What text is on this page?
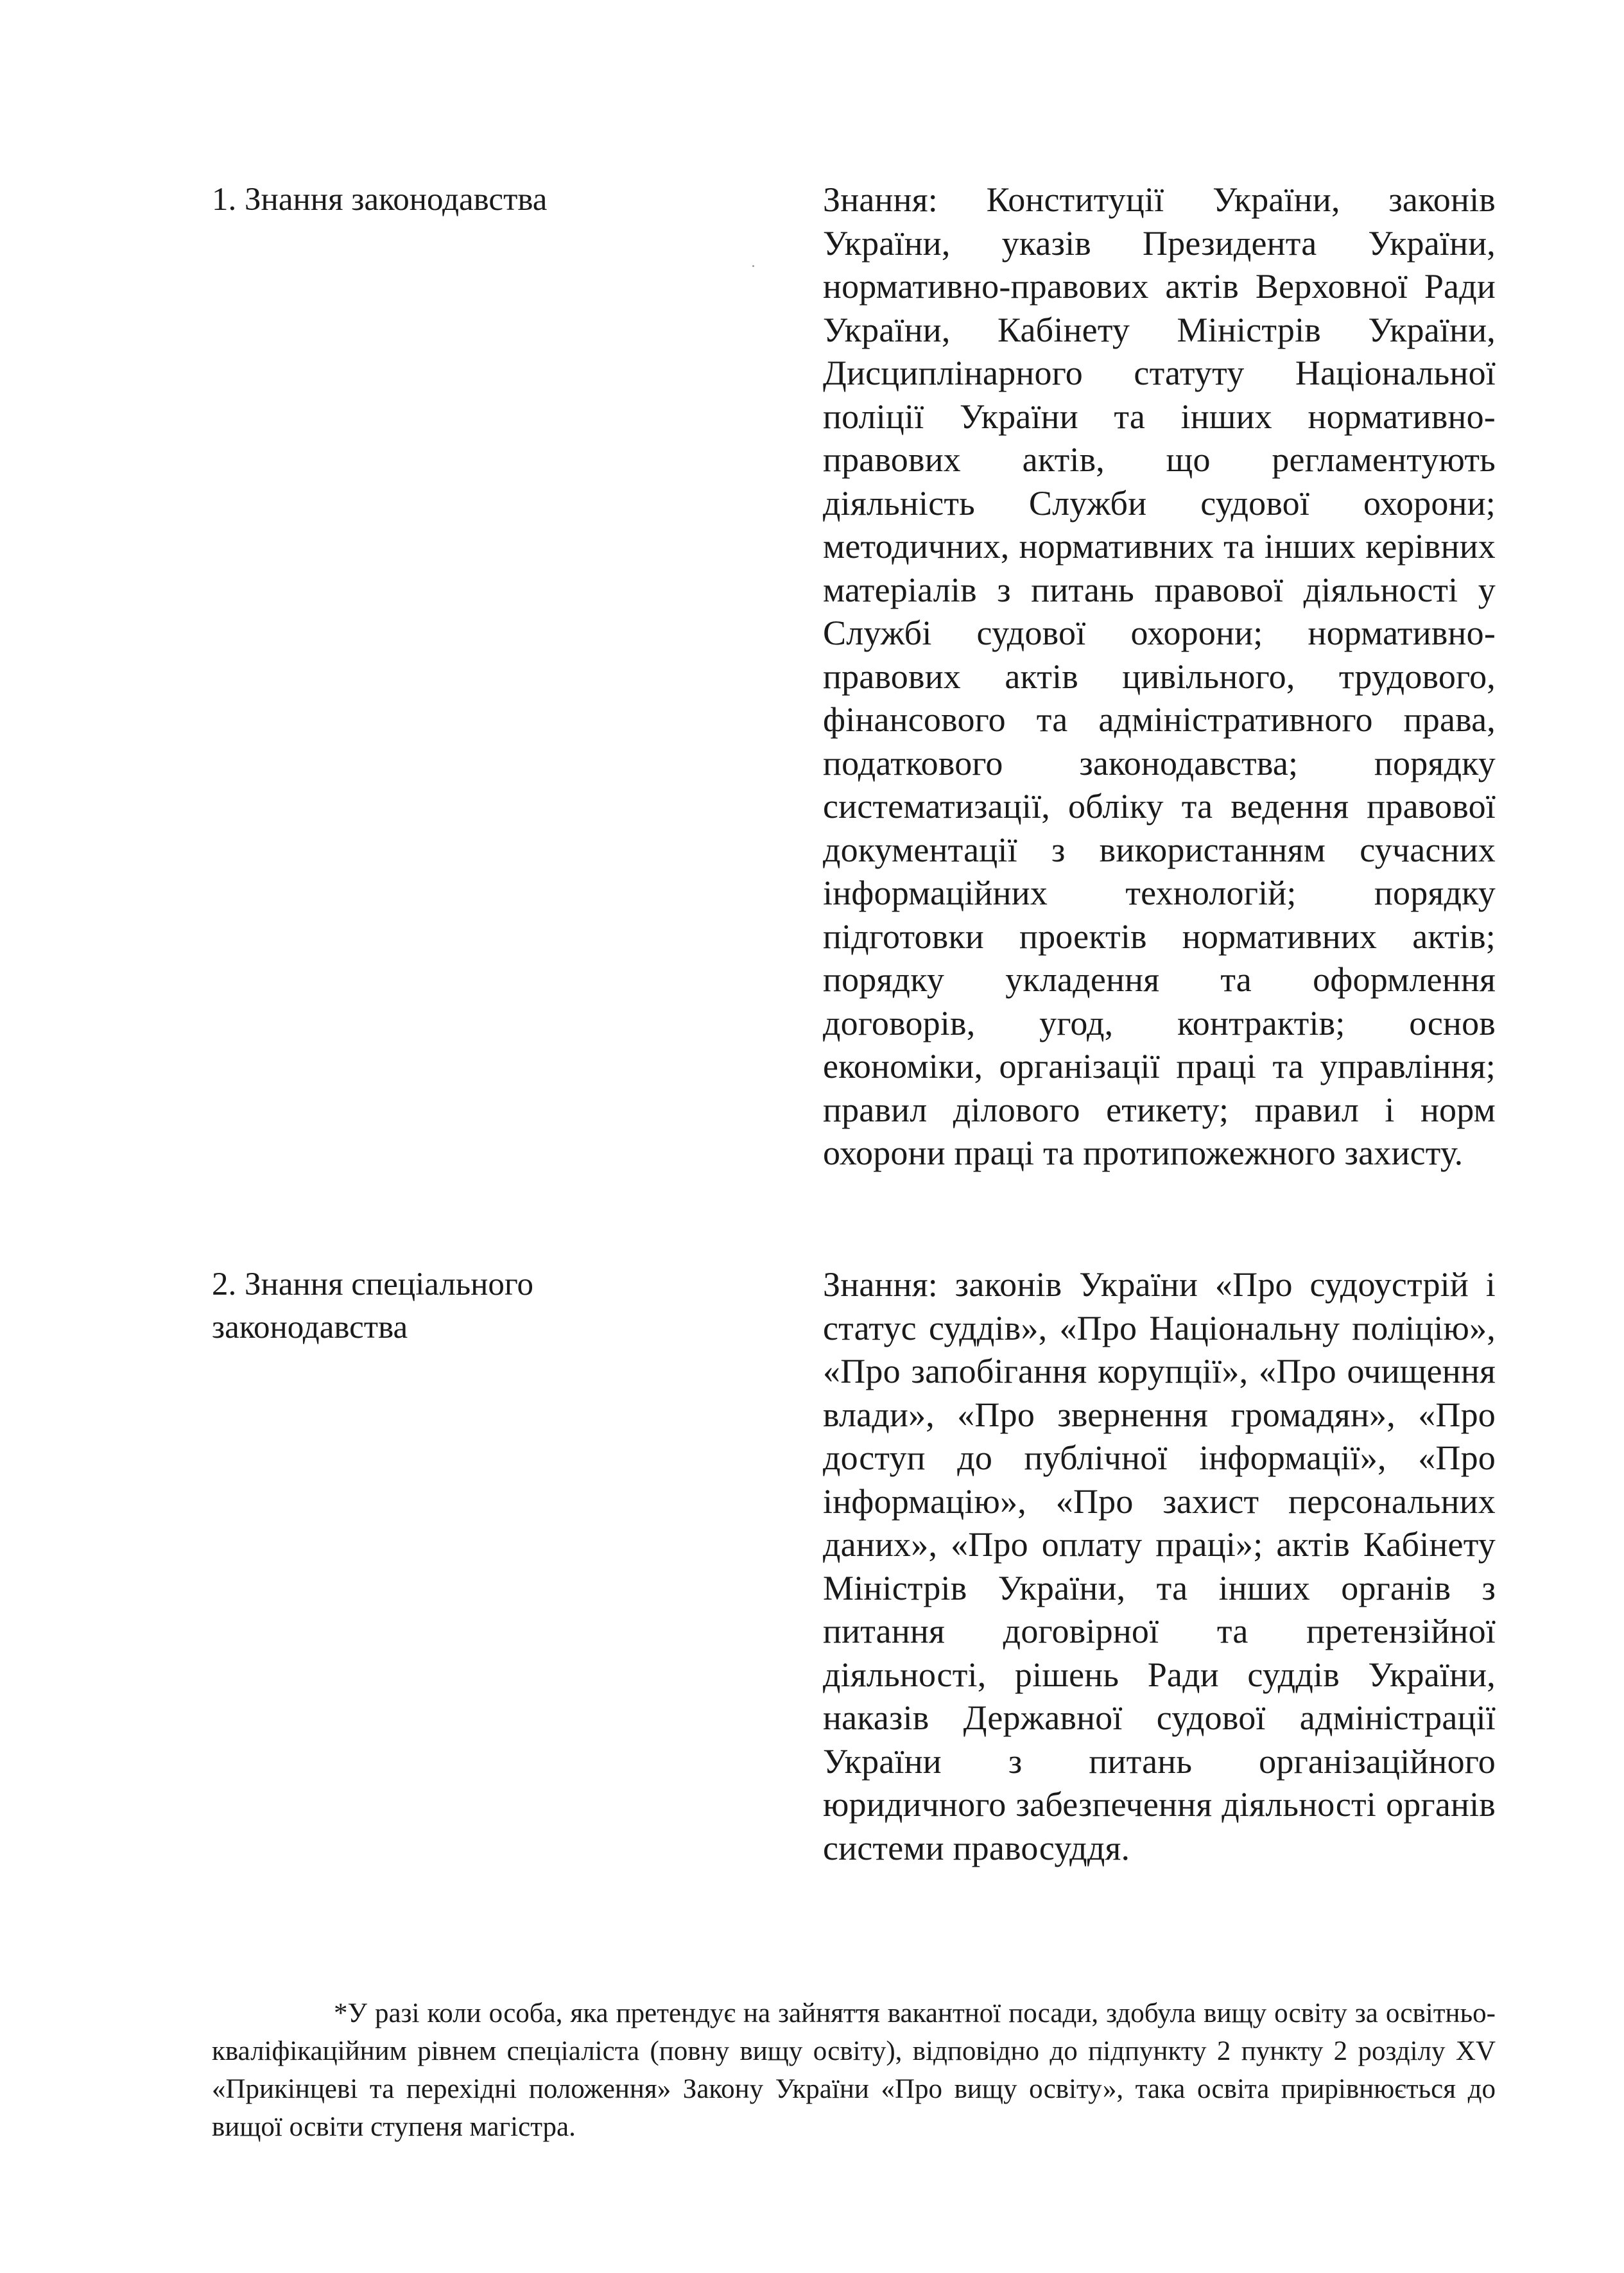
1. Знання законодавства	Знання: Конституції України, законів України, указів Президента України, нормативно-правових актів Верховної Ради України, Кабінету Міністрів України, Дисциплінарного статуту Національної поліції України та інших нормативно-правових актів, що регламентують діяльність Служби судової охорони; методичних, нормативних та інших керівних матеріалів з питань правової діяльності у Службі судової охорони; нормативно-правових актів цивільного, трудового, фінансового та адміністративного права, податкового законодавства; порядку систематизації, обліку та ведення правової документації з використанням сучасних інформаційних технологій; порядку підготовки проектів нормативних актів; порядку укладення та оформлення договорів, угод, контрактів; основ економіки, організації праці та управління; правил ділового етикету; правил і норм охорони праці та протипожежного захисту.
2. Знання спеціального
законодавства
Знання: законів України «Про судоустрій і статус суддів», «Про Національну поліцію», «Про запобігання корупції», «Про очищення влади», «Про звернення громадян», «Про доступ до публічної інформації», «Про інформацію», «Про захист персональних даних», «Про оплату праці»; актів Кабінету Міністрів України, та інших органів з питання договірної та претензійної діяльності, рішень Ради суддів України, наказів Державної судової адміністрації України з питань організаційного юридичного забезпечення діяльності органів системи правосуддя.
*У разі коли особа, яка претендує на зайняття вакантної посади, здобула вищу освіту за освітньо-кваліфікаційним рівнем спеціаліста (повну вищу освіту), відповідно до підпункту 2 пункту 2 розділу XV «Прикінцеві та перехідні положення» Закону України «Про вищу освіту», така освіта прирівнюється до вищої освіти ступеня магістра.
